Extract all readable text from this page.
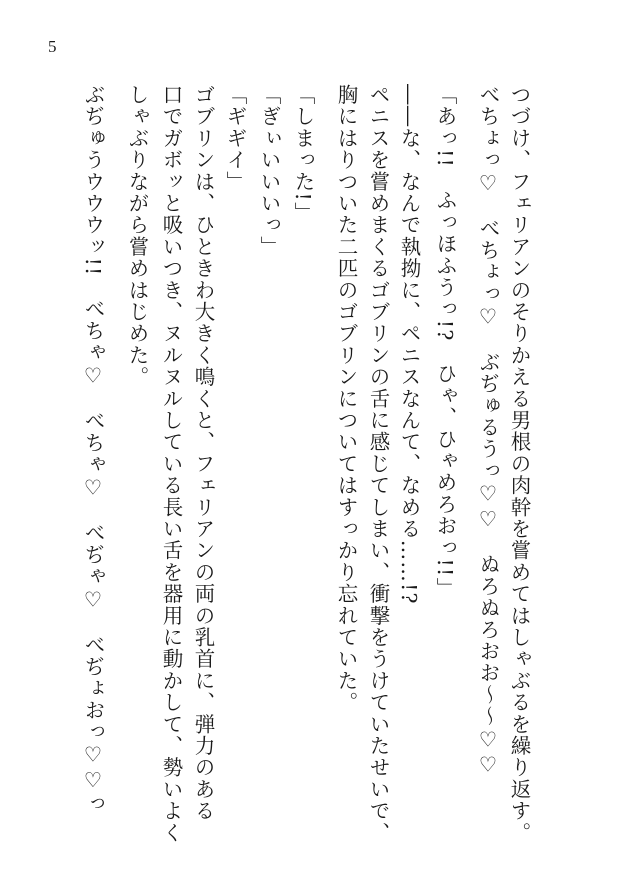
5
つづけ、フェリアンのそりかえる男根の肉幹を嘗めてはしゃぶるを繰り返す。
べちょっ♡　べちょっ♡　ぶぢゅるうっ♡♡　ぬろぬろおお～～♡♡
「あっ!!　ふっほふうっ!?　ひゃ、ひゃめろおっ!!」
――な、なんで執拗に、ペニスなんて、なめる……!?
ペニスを嘗めまくるゴブリンの舌に感じてしまい、衝撃をうけていたせいで、
胸にはりついた二匹のゴブリンについてはすっかり忘れていた。
「しまった!」
「ぎぃいいいっ」
「ギギイ」
ゴブリンは、ひときわ大きく鳴くと、フェリアンの両の乳首に、弾力のある
口でガボッと吸いつき、ヌルヌルしている長い舌を器用に動かして、勢いよく
しゃぶりながら嘗めはじめた。
ぶぢゅうウウウッ!!　べちゃ♡　べちゃ♡　べぢゃ♡　べぢょおっ♡♡っ
